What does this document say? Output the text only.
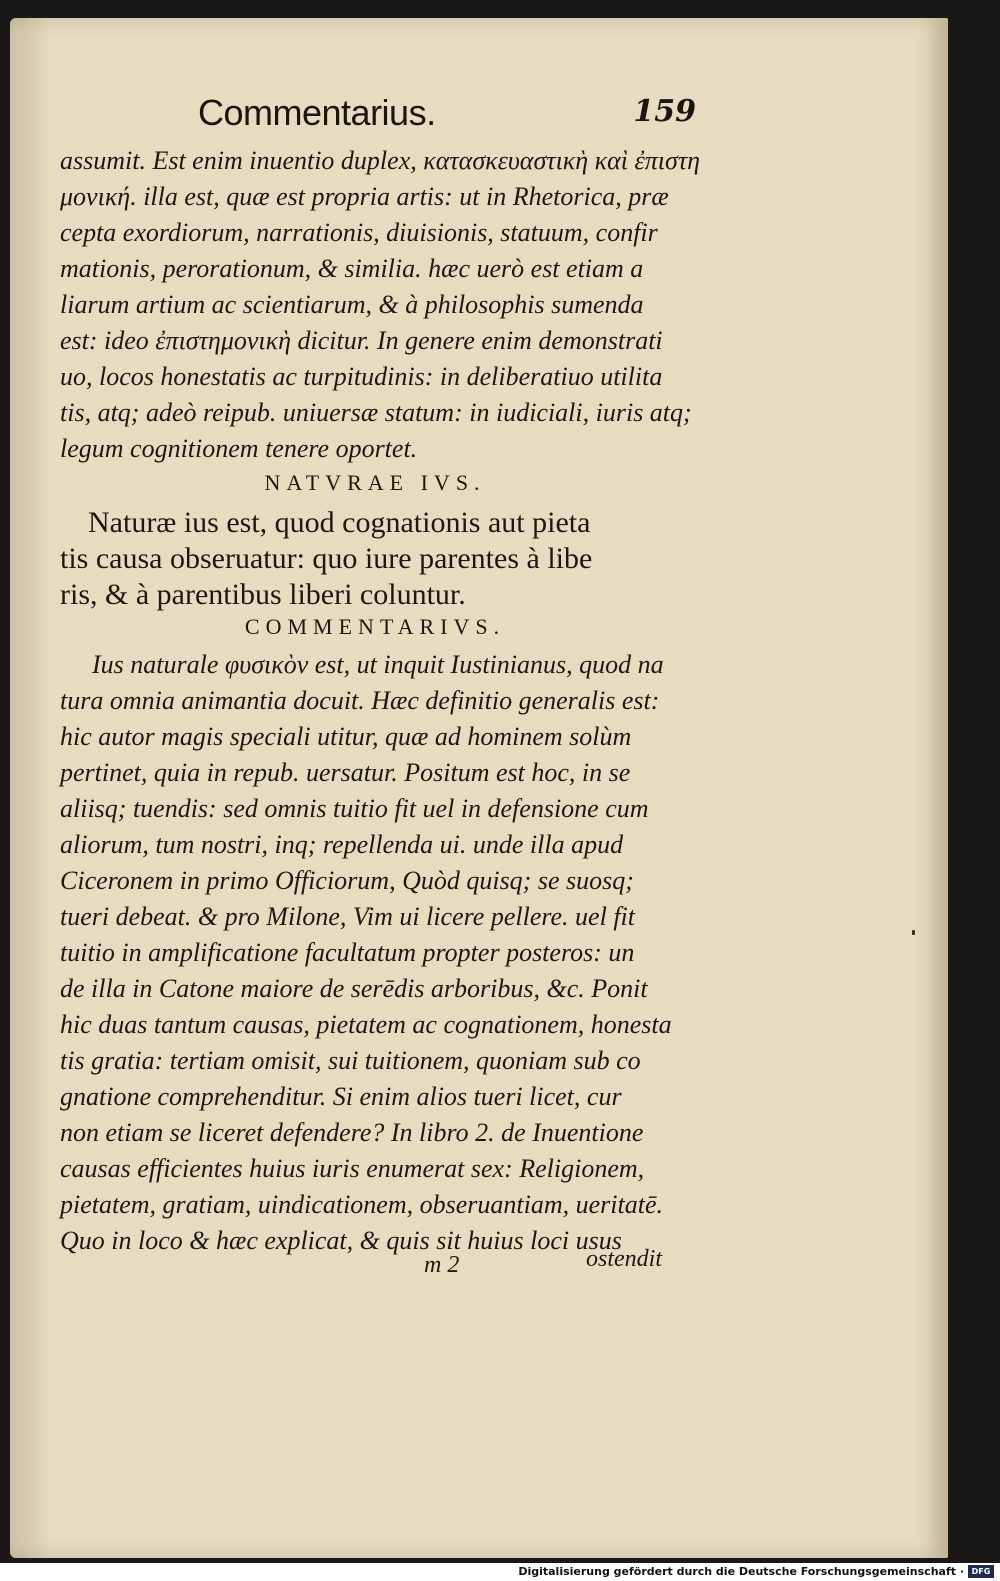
Commentarius.	159
assumit. Est enim inuentio duplex, κατασκευαστικὴ καὶ ἐπιστη
μονική. illa est, quæ est propria artis: ut in Rhetorica, præ
cepta exordiorum, narrationis, diuisionis, statuum, confir
mationis, perorationum, & similia. hæc uerò est etiam a
liarum artium ac scientiarum, & à philosophis sumenda
est: ideo ἐπιστημονικὴ dicitur. In genere enim demonstrati
uo, locos honestatis ac turpitudinis: in deliberatiuo utilita
tis, atq; adeò reipub. uniuersæ statum: in iudiciali, iuris atq;
legum cognitionem tenere oportet.
NATVRAE IVS.
Naturæ ius est, quod cognationis aut pieta
tis causa obseruatur: quo iure parentes à libe
ris, & à parentibus liberi coluntur.
COMMENTARIVS.
Ius naturale φυσικὸν est, ut inquit Iustinianus, quod na
tura omnia animantia docuit. Hæc definitio generalis est:
hic autor magis speciali utitur, quæ ad hominem solùm
pertinet, quia in repub. uersatur. Positum est hoc, in se
aliisq; tuendis: sed omnis tuitio fit uel in defensione cum
aliorum, tum nostri, inq; repellenda ui. unde illa apud
Ciceronem in primo Officiorum, Quòd quisq; se suosq;
tueri debeat. & pro Milone, Vim ui licere pellere. uel fit
tuitio in amplificatione facultatum propter posteros: un
de illa in Catone maiore de serēdis arboribus, &c. Ponit
hic duas tantum causas, pietatem ac cognationem, honesta
tis gratia: tertiam omisit, sui tuitionem, quoniam sub co
gnatione comprehenditur. Si enim alios tueri licet, cur
non etiam se liceret defendere? In libro 2. de Inuentione
causas efficientes huius iuris enumerat sex: Religionem,
pietatem, gratiam, uindicationem, obseruantiam, ueritatē.
Quo in loco & hæc explicat, & quis sit huius loci usus
m 2	ostendit
Digitalisierung gefördert durch die Deutsche Forschungsgemeinschaft · DFG
